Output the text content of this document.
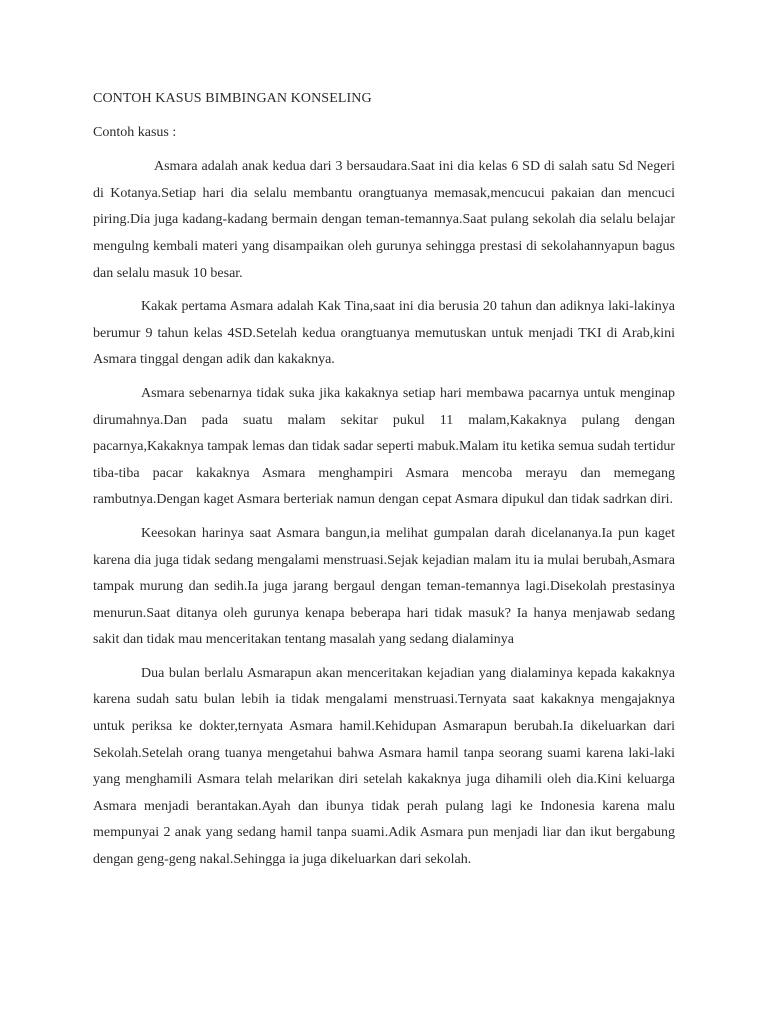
CONTOH KASUS BIMBINGAN KONSELING

Contoh kasus :

Asmara adalah anak kedua dari 3 bersaudara.Saat ini dia kelas 6 SD di salah satu Sd Negeri di Kotanya.Setiap hari dia selalu membantu orangtuanya memasak,mencucui pakaian dan mencuci piring.Dia juga kadang-kadang bermain dengan teman-temannya.Saat pulang sekolah dia selalu belajar mengulng kembali materi yang disampaikan oleh gurunya sehingga prestasi di sekolahannyapun bagus dan selalu masuk 10 besar.

Kakak pertama Asmara adalah Kak Tina,saat ini dia berusia 20 tahun dan adiknya laki-lakinya berumur 9 tahun kelas 4SD.Setelah kedua orangtuanya memutuskan untuk menjadi TKI di Arab,kini Asmara tinggal dengan adik dan kakaknya.

Asmara sebenarnya tidak suka jika kakaknya setiap hari membawa pacarnya untuk menginap dirumahnya.Dan pada suatu malam sekitar pukul 11 malam,Kakaknya pulang dengan pacarnya,Kakaknya tampak lemas dan tidak sadar seperti mabuk.Malam itu ketika semua sudah tertidur tiba-tiba pacar kakaknya Asmara menghampiri Asmara mencoba merayu dan memegang rambutnya.Dengan kaget Asmara berteriak namun dengan cepat Asmara dipukul dan tidak sadrkan diri.

Keesokan harinya saat Asmara bangun,ia melihat gumpalan darah dicelananya.Ia pun kaget karena dia juga tidak sedang mengalami menstruasi.Sejak kejadian malam itu ia mulai berubah,Asmara tampak murung dan sedih.Ia juga jarang bergaul dengan teman-temannya lagi.Disekolah prestasinya menurun.Saat ditanya oleh gurunya kenapa beberapa hari tidak masuk? Ia hanya menjawab sedang sakit dan tidak mau menceritakan tentang masalah yang sedang dialaminya

Dua bulan berlalu Asmarapun akan menceritakan kejadian yang dialaminya kepada kakaknya karena sudah satu bulan lebih ia tidak mengalami menstruasi.Ternyata saat kakaknya mengajaknya untuk periksa ke dokter,ternyata Asmara hamil.Kehidupan Asmarapun berubah.Ia dikeluarkan dari Sekolah.Setelah orang tuanya mengetahui bahwa Asmara hamil tanpa seorang suami karena laki-laki yang menghamili Asmara telah melarikan diri setelah kakaknya juga dihamili oleh dia.Kini keluarga Asmara menjadi berantakan.Ayah dan ibunya tidak perah pulang lagi ke Indonesia karena malu mempunyai 2 anak yang sedang hamil tanpa suami.Adik Asmara pun menjadi liar dan ikut bergabung dengan geng-geng nakal.Sehingga ia juga dikeluarkan dari sekolah.
